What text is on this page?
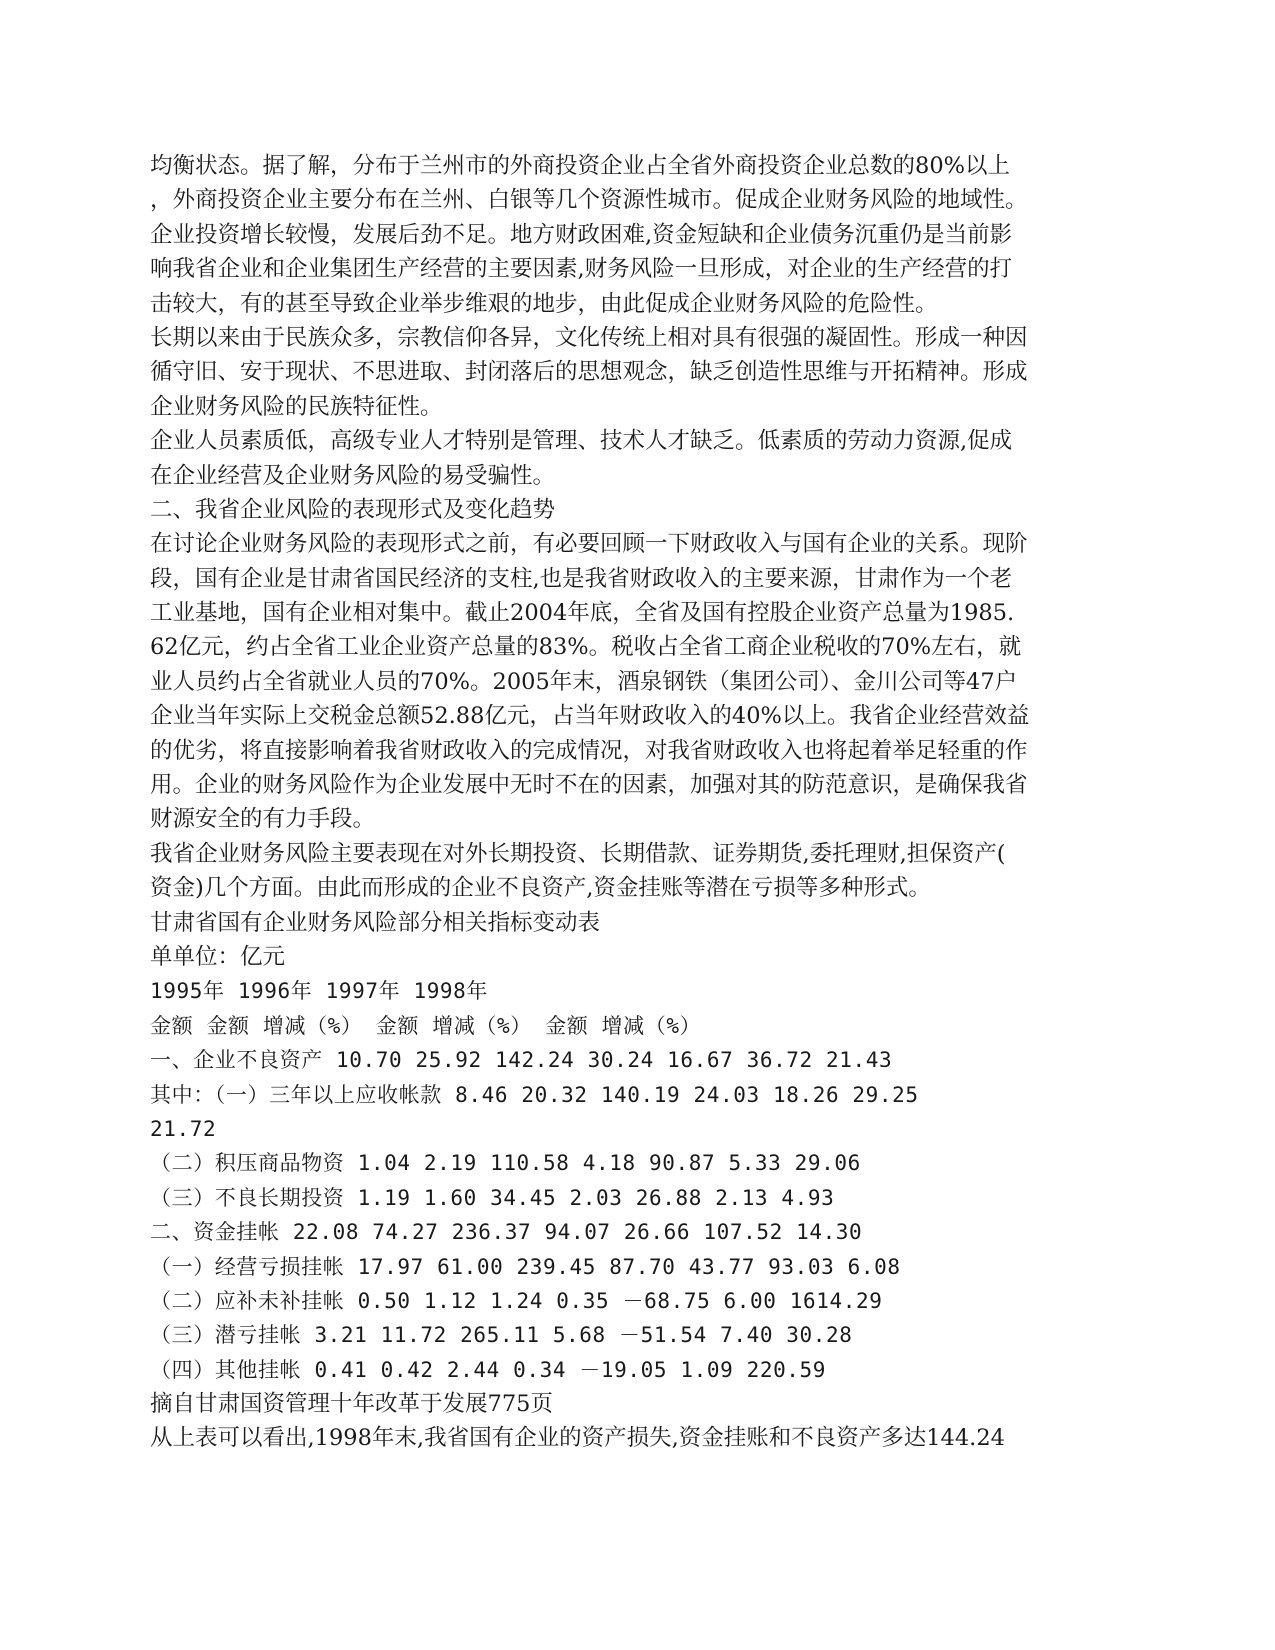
均衡状态。据了解，分布于兰州市的外商投资企业占全省外商投资企业总数的80%以上
，外商投资企业主要分布在兰州、白银等几个资源性城市。促成企业财务风险的地域性。
企业投资增长较慢，发展后劲不足。地方财政困难,资金短缺和企业债务沉重仍是当前影
响我省企业和企业集团生产经营的主要因素,财务风险一旦形成，对企业的生产经营的打
击较大，有的甚至导致企业举步维艰的地步，由此促成企业财务风险的危险性。
长期以来由于民族众多，宗教信仰各异，文化传统上相对具有很强的凝固性。形成一种因
循守旧、安于现状、不思进取、封闭落后的思想观念，缺乏创造性思维与开拓精神。形成
企业财务风险的民族特征性。
企业人员素质低，高级专业人才特别是管理、技术人才缺乏。低素质的劳动力资源,促成
在企业经营及企业财务风险的易受骗性。
二、我省企业风险的表现形式及变化趋势
在讨论企业财务风险的表现形式之前，有必要回顾一下财政收入与国有企业的关系。现阶
段，国有企业是甘肃省国民经济的支柱,也是我省财政收入的主要来源，甘肃作为一个老
工业基地，国有企业相对集中。截止2004年底，全省及国有控股企业资产总量为1985.
62亿元，约占全省工业企业资产总量的83%。税收占全省工商企业税收的70%左右，就
业人员约占全省就业人员的70%。2005年末，酒泉钢铁（集团公司）、金川公司等47户
企业当年实际上交税金总额52.88亿元，占当年财政收入的40%以上。我省企业经营效益
的优劣，将直接影响着我省财政收入的完成情况，对我省财政收入也将起着举足轻重的作
用。企业的财务风险作为企业发展中无时不在的因素，加强对其的防范意识，是确保我省
财源安全的有力手段。
我省企业财务风险主要表现在对外长期投资、长期借款、证券期货,委托理财,担保资产(
资金)几个方面。由此而形成的企业不良资产,资金挂账等潜在亏损等多种形式。
甘肃省国有企业财务风险部分相关指标变动表
单单位：亿元
1995年 1996年 1997年 1998年
金额 金额 增减（%） 金额 增减（%） 金额 增减（%）
一、企业不良资产 10.70 25.92 142.24 30.24 16.67 36.72 21.43
其中：（一）三年以上应收帐款 8.46 20.32 140.19 24.03 18.26 29.25
21.72
（二）积压商品物资 1.04 2.19 110.58 4.18 90.87 5.33 29.06
（三）不良长期投资 1.19 1.60 34.45 2.03 26.88 2.13 4.93
二、资金挂帐 22.08 74.27 236.37 94.07 26.66 107.52 14.30
（一）经营亏损挂帐 17.97 61.00 239.45 87.70 43.77 93.03 6.08
（二）应补未补挂帐 0.50 1.12 1.24 0.35 －68.75 6.00 1614.29
（三）潜亏挂帐 3.21 11.72 265.11 5.68 －51.54 7.40 30.28
（四）其他挂帐 0.41 0.42 2.44 0.34 －19.05 1.09 220.59
摘自甘肃国资管理十年改革于发展775页
从上表可以看出,1998年末,我省国有企业的资产损失,资金挂账和不良资产多达144.24
